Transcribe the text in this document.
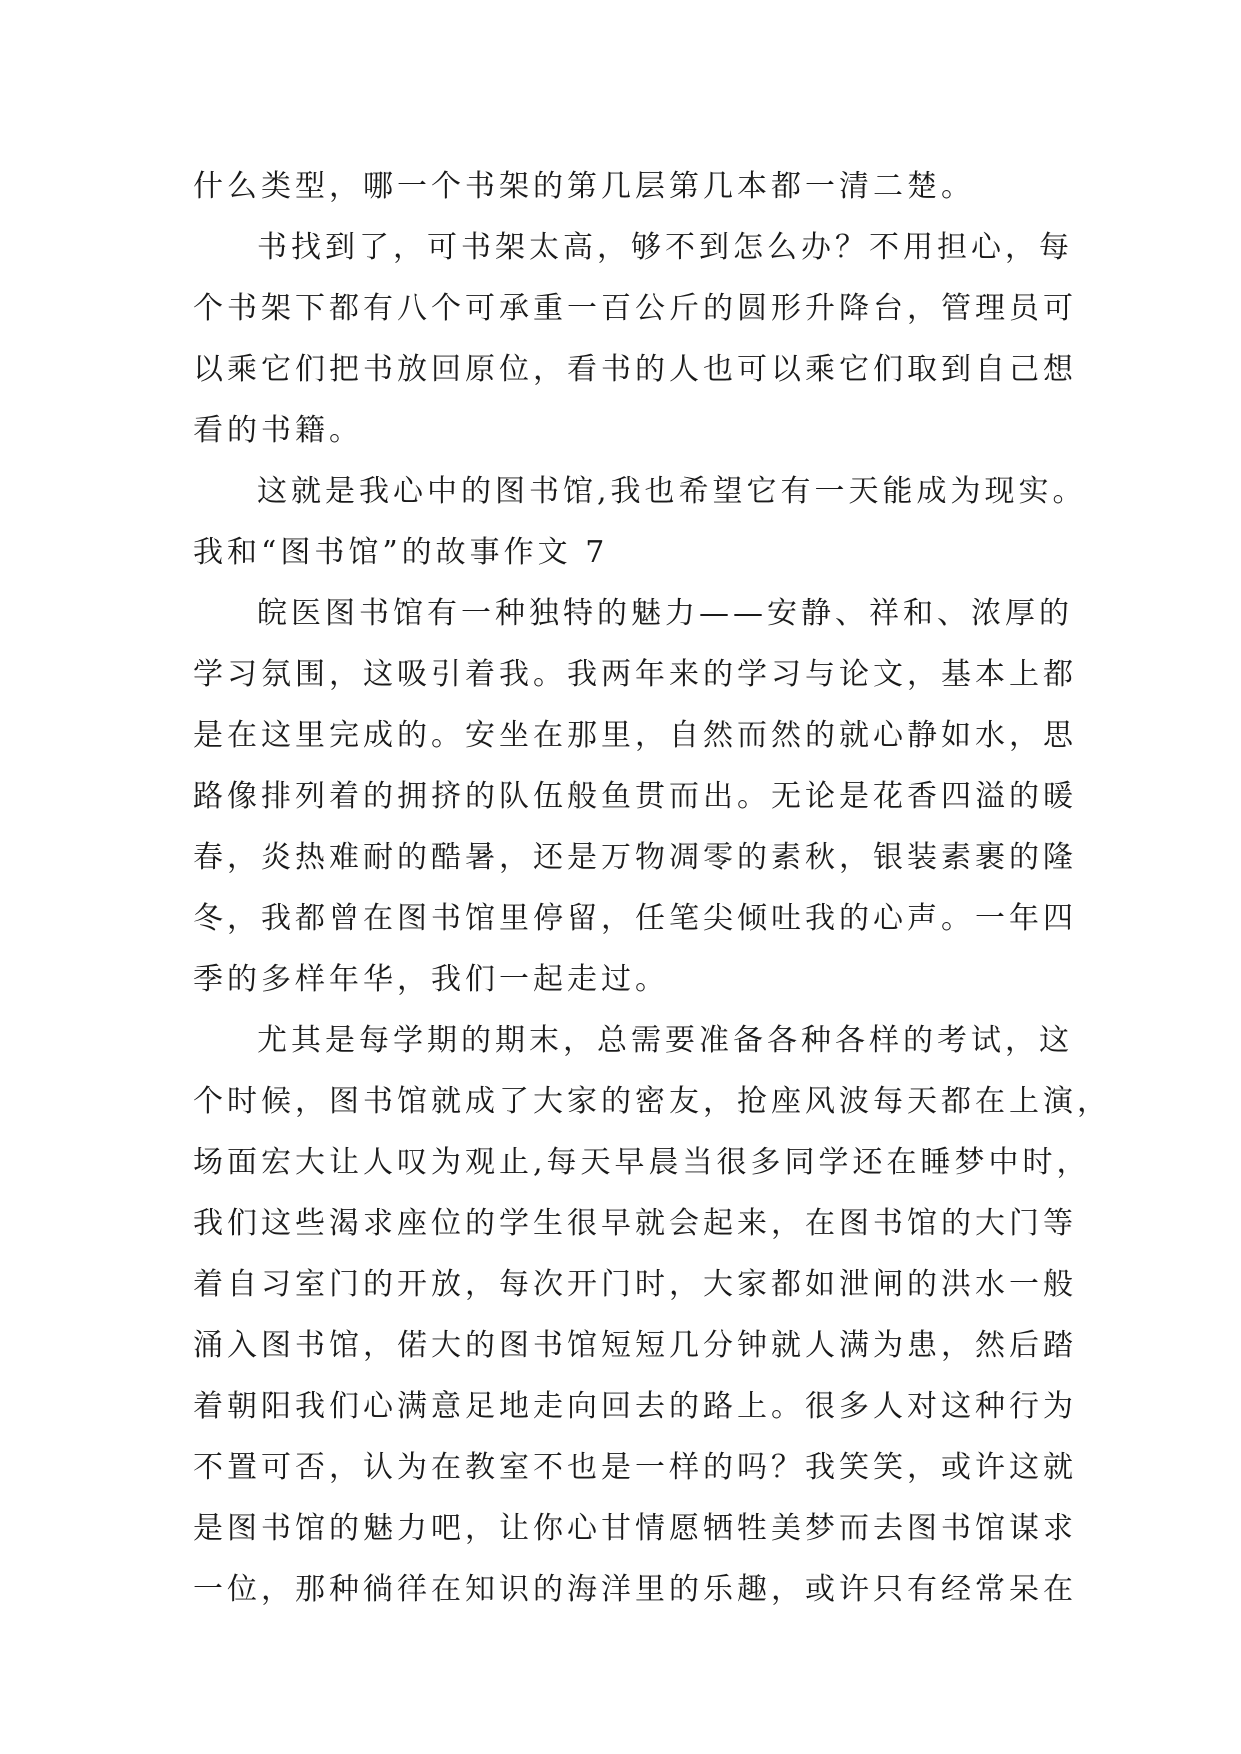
什么类型，哪一个书架的第几层第几本都一清二楚。
书找到了，可书架太高，够不到怎么办？不用担心，每
个书架下都有八个可承重一百公斤的圆形升降台，管理员可
以乘它们把书放回原位，看书的人也可以乘它们取到自己想
看的书籍。
这就是我心中的图书馆,我也希望它有一天能成为现实。
我和“图书馆”的故事作文 7
皖医图书馆有一种独特的魅力——安静、祥和、浓厚的
学习氛围，这吸引着我。我两年来的学习与论文，基本上都
是在这里完成的。安坐在那里，自然而然的就心静如水，思
路像排列着的拥挤的队伍般鱼贯而出。无论是花香四溢的暖
春，炎热难耐的酷暑，还是万物凋零的素秋，银装素裹的隆
冬，我都曾在图书馆里停留，任笔尖倾吐我的心声。一年四
季的多样年华，我们一起走过。
尤其是每学期的期末，总需要准备各种各样的考试，这
个时候，图书馆就成了大家的密友，抢座风波每天都在上演，
场面宏大让人叹为观止,每天早晨当很多同学还在睡梦中时，
我们这些渴求座位的学生很早就会起来，在图书馆的大门等
着自习室门的开放，每次开门时，大家都如泄闸的洪水一般
涌入图书馆，偌大的图书馆短短几分钟就人满为患，然后踏
着朝阳我们心满意足地走向回去的路上。很多人对这种行为
不置可否，认为在教室不也是一样的吗？我笑笑，或许这就
是图书馆的魅力吧，让你心甘情愿牺牲美梦而去图书馆谋求
一位，那种徜徉在知识的海洋里的乐趣，或许只有经常呆在
